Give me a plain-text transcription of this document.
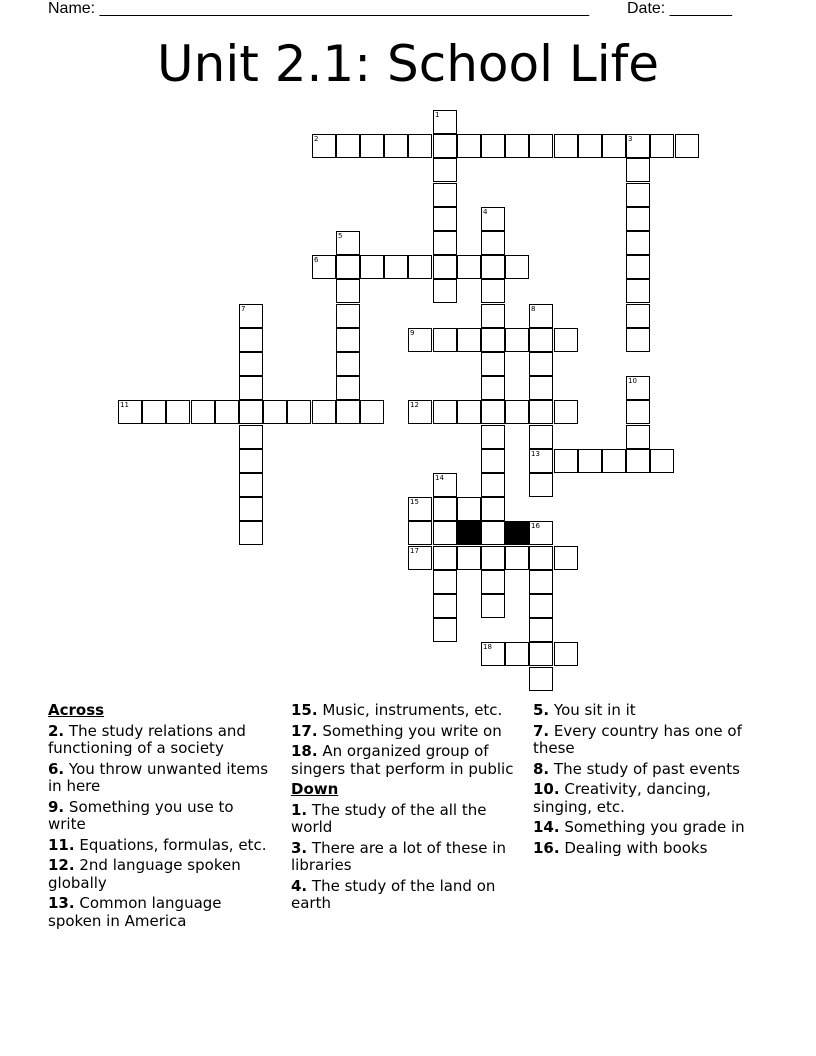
Name: _______________________________________________________ Date: _______
Unit 2.1: School Life
2	3
1
4
5
6
7	8
13
9
10
11	12
14
15
16
17
18
Across
2. The study relations and functioning of a society
6. You throw unwanted items in here
9. Something you use to write
11. Equations, formulas, etc.
12. 2nd language spoken globally
13. Common language spoken in America
15. Music, instruments, etc.
17. Something you write on
18. An organized group of singers that perform in public
Down
1. The study of the all the world
3. There are a lot of these in libraries
4. The study of the land on earth
5. You sit in it
7. Every country has one of these
8. The study of past events
10. Creativity, dancing, singing, etc.
14. Something you grade in
16. Dealing with books
